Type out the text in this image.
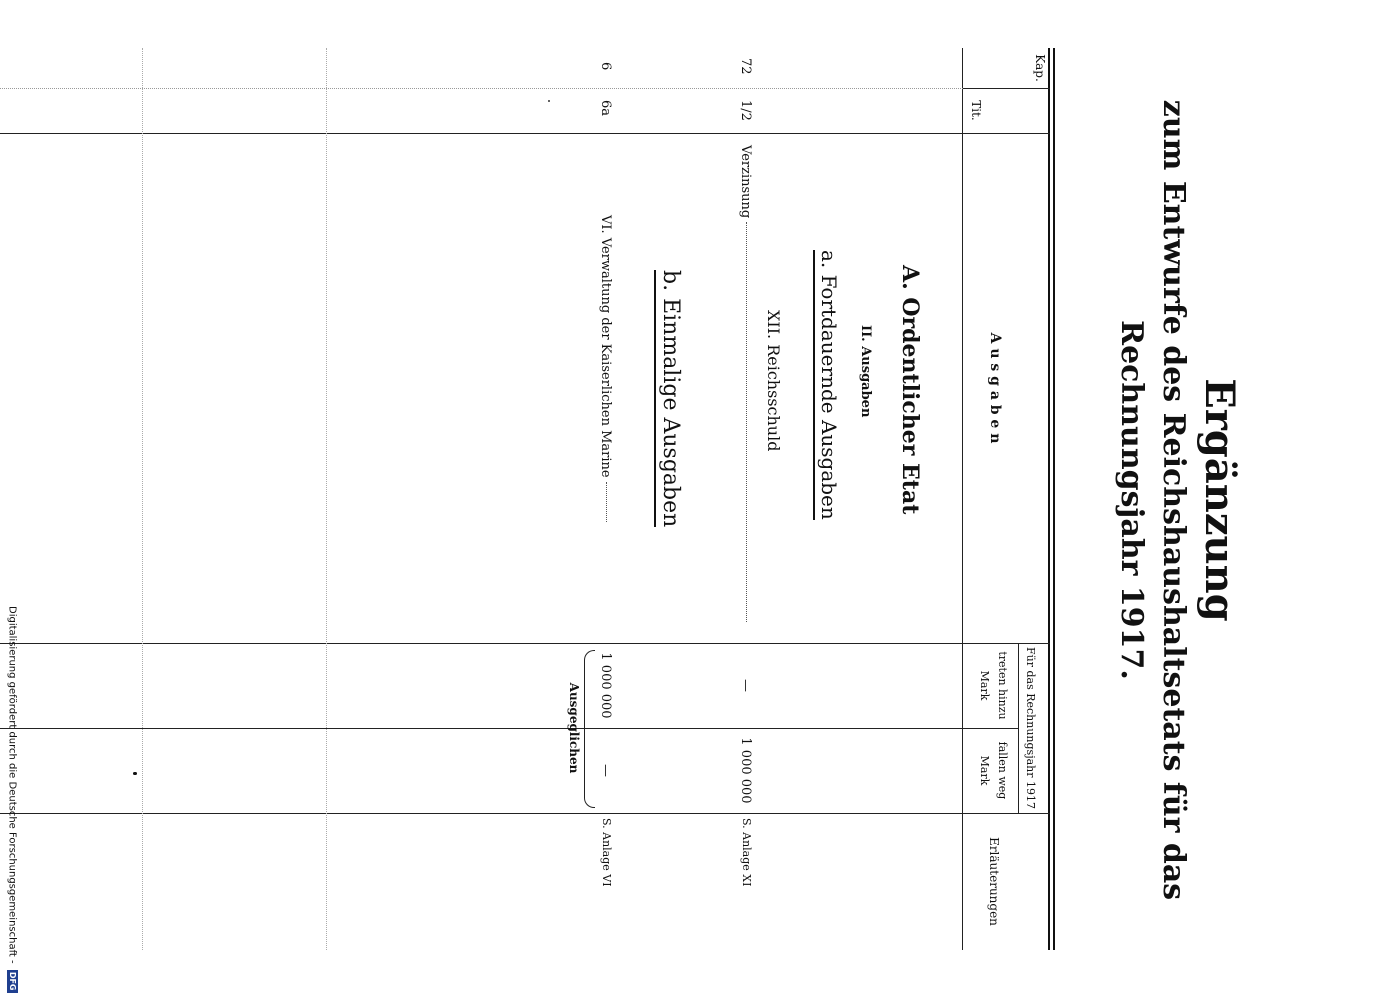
Ergänzung
zum Entwurfe des Reichshaushaltsetats für das
Rechnungsjahr 1917.
Kap.
Tit.
A u s g a b e n
Für das Rechnungsjahr 1917
treten hinzu
fallen weg
Mark
Mark
Erläuterungen
A. Ordentlicher Etat
II. Ausgaben
a. Fortdauernde Ausgaben
XII. Reichsschuld
72
1/2
Verzinsung
—
1 000 000
S. Anlage XI
b. Einmalige Ausgaben
6
6a
VI. Verwaltung der Kaiserlichen Marine
1 000 000
—
S. Anlage VI
Ausgeglichen
Digitalisierung gefördert durch die Deutsche Forschungsgemeinschaft - DFG
